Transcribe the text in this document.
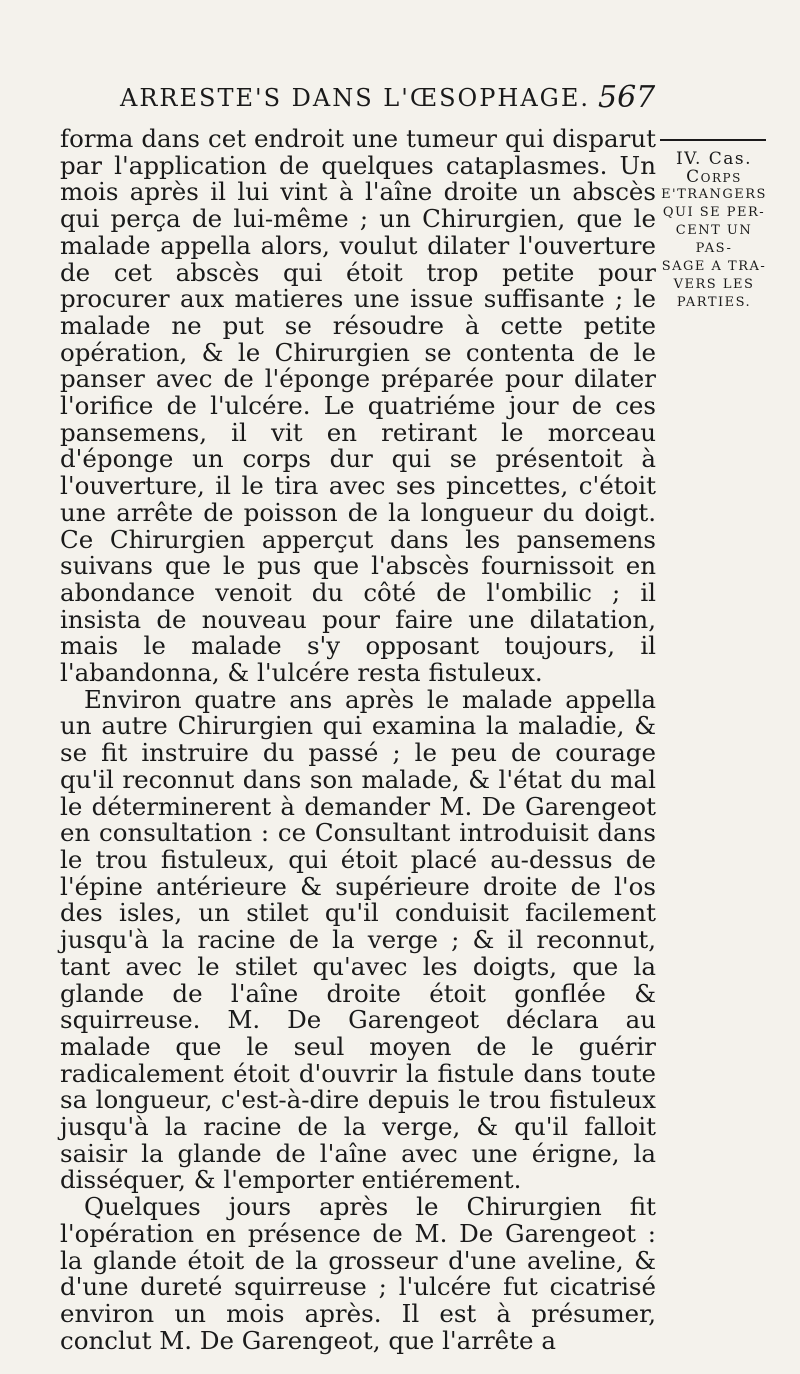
ARRESTE'S DANS L'ŒSOPHAGE. 567
IV. Cas.
Corps
E'TRANGERS
QUI SE PER-
CENT UN PAS-
SAGE A TRA-
VERS LES
PARTIES.

forma dans cet endroit une tumeur qui disparut par l'application de quelques cataplasmes. Un mois après il lui vint à l'aîne droite un abscès qui perça de lui-même ; un Chirurgien, que le malade appella alors, voulut dilater l'ouverture de cet abscès qui étoit trop petite pour procurer aux matieres une issue suffisante ; le malade ne put se résoudre à cette petite opération, & le Chirurgien se contenta de le panser avec de l'éponge préparée pour dilater l'orifice de l'ulcére. Le quatriéme jour de ces pansemens, il vit en retirant le morceau d'éponge un corps dur qui se présentoit à l'ouverture, il le tira avec ses pincettes, c'étoit une arrête de poisson de la longueur du doigt. Ce Chirurgien apperçut dans les pansemens suivans que le pus que l'abscès fournissoit en abondance venoit du côté de l'ombilic ; il insista de nouveau pour faire une dilatation, mais le malade s'y opposant toujours, il l'abandonna, & l'ulcére resta fistuleux.

Environ quatre ans après le malade appella un autre Chirurgien qui examina la maladie, & se fit instruire du passé ; le peu de courage qu'il reconnut dans son malade, & l'état du mal le déterminerent à demander M. De Garengeot en consultation : ce Consultant introduisit dans le trou fistuleux, qui étoit placé au-dessus de l'épine antérieure & supérieure droite de l'os des isles, un stilet qu'il conduisit facilement jusqu'à la racine de la verge ; & il reconnut, tant avec le stilet qu'avec les doigts, que la glande de l'aîne droite étoit gonflée & squirreuse. M. De Garengeot déclara au malade que le seul moyen de le guérir radicalement étoit d'ouvrir la fistule dans toute sa longueur, c'est-à-dire depuis le trou fistuleux jusqu'à la racine de la verge, & qu'il falloit saisir la glande de l'aîne avec une érigne, la disséquer, & l'emporter entiérement.

Quelques jours après le Chirurgien fit l'opération en présence de M. De Garengeot : la glande étoit de la grosseur d'une aveline, & d'une dureté squirreuse ; l'ulcére fut cicatrisé environ un mois après. Il est à présumer, conclut M. De Garengeot, que l'arrête a
